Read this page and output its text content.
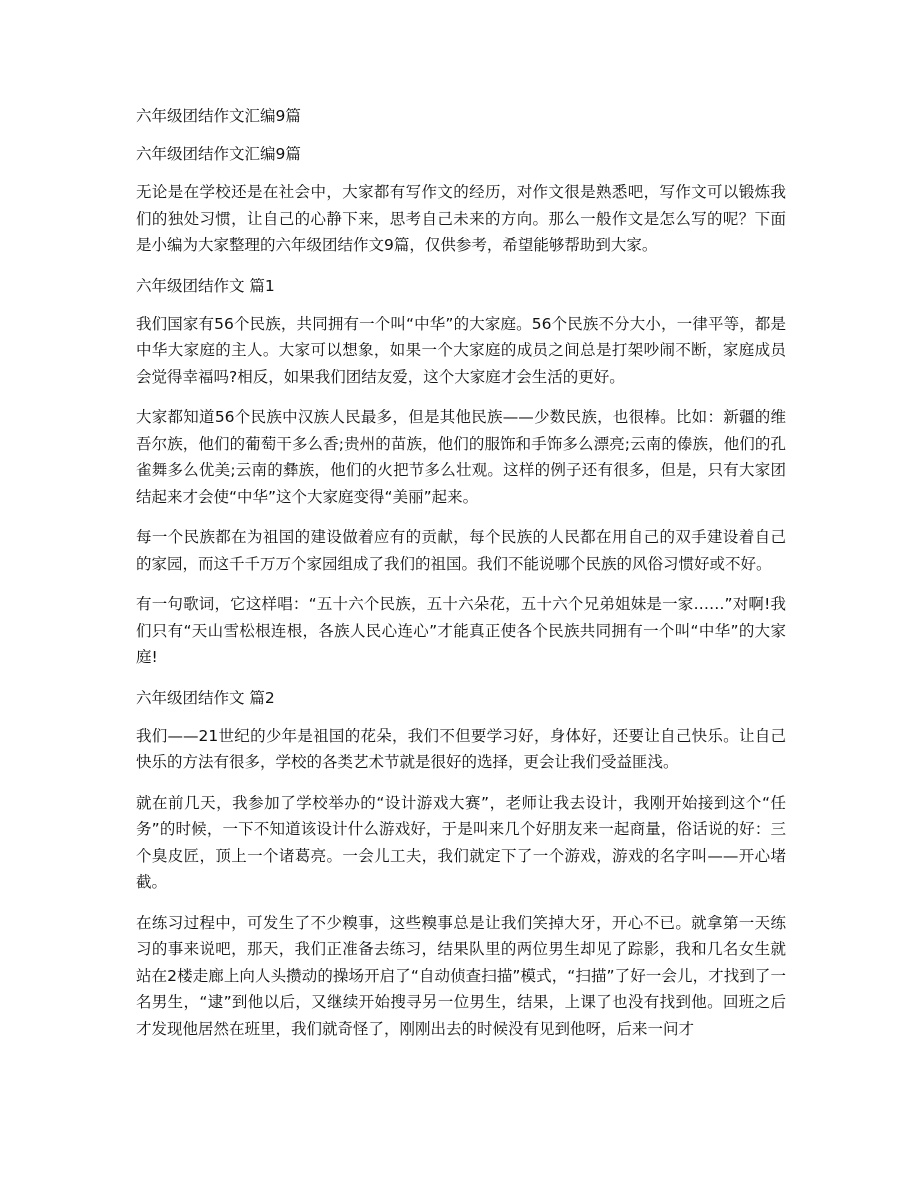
六年级团结作文汇编9篇
六年级团结作文汇编9篇

无论是在学校还是在社会中，大家都有写作文的经历，对作文很是熟悉吧，写作文可以锻炼我们的独处习惯，让自己的心静下来，思考自己未来的方向。那么一般作文是怎么写的呢？下面是小编为大家整理的六年级团结作文9篇，仅供参考，希望能够帮助到大家。

六年级团结作文 篇1

我们国家有56个民族，共同拥有一个叫“中华”的大家庭。56个民族不分大小，一律平等，都是中华大家庭的主人。大家可以想象，如果一个大家庭的成员之间总是打架吵闹不断，家庭成员会觉得幸福吗?相反，如果我们团结友爱，这个大家庭才会生活的更好。

大家都知道56个民族中汉族人民最多，但是其他民族——少数民族，也很棒。比如：新疆的维吾尔族，他们的葡萄干多么香;贵州的苗族，他们的服饰和手饰多么漂亮;云南的傣族，他们的孔雀舞多么优美;云南的彝族，他们的火把节多么壮观。这样的例子还有很多，但是，只有大家团结起来才会使“中华”这个大家庭变得“美丽”起来。

每一个民族都在为祖国的建设做着应有的贡献，每个民族的人民都在用自己的双手建设着自己的家园，而这千千万万个家园组成了我们的祖国。我们不能说哪个民族的风俗习惯好或不好。

有一句歌词，它这样唱：“五十六个民族，五十六朵花，五十六个兄弟姐妹是一家……”对啊!我们只有“天山雪松根连根，各族人民心连心”才能真正使各个民族共同拥有一个叫“中华”的大家庭!

六年级团结作文 篇2

我们——21世纪的少年是祖国的花朵，我们不但要学习好，身体好，还要让自己快乐。让自己快乐的方法有很多，学校的各类艺术节就是很好的选择，更会让我们受益匪浅。

就在前几天，我参加了学校举办的“设计游戏大赛”，老师让我去设计，我刚开始接到这个“任务”的时候，一下不知道该设计什么游戏好，于是叫来几个好朋友来一起商量，俗话说的好：三个臭皮匠，顶上一个诸葛亮。一会儿工夫，我们就定下了一个游戏，游戏的名字叫——开心堵截。

在练习过程中，可发生了不少糗事，这些糗事总是让我们笑掉大牙，开心不已。就拿第一天练习的事来说吧，那天，我们正准备去练习，结果队里的两位男生却见了踪影，我和几名女生就站在2楼走廊上向人头攒动的操场开启了“自动侦查扫描”模式，“扫描”了好一会儿，才找到了一名男生，“逮”到他以后，又继续开始搜寻另一位男生，结果，上课了也没有找到他。回班之后才发现他居然在班里，我们就奇怪了，刚刚出去的时候没有见到他呀，后来一问才
